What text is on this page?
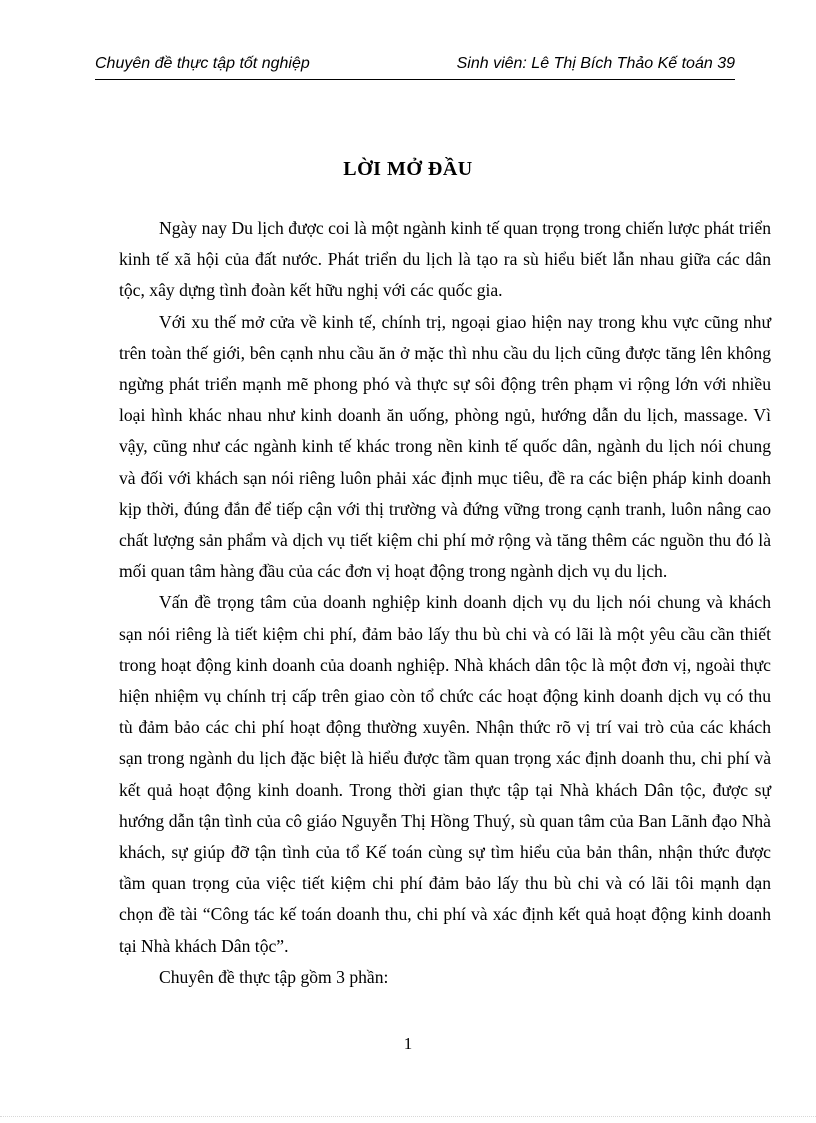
Chuyên đề thực tập tốt nghiệp	Sinh viên: Lê Thị Bích Thảo Kế toán 39
LỜI MỞ ĐẦU

Ngày nay Du lịch được coi là một ngành kinh tế quan trọng trong chiến lược phát triển kinh tế xã hội của đất nước. Phát triển du lịch là tạo ra sù hiểu biết lẫn nhau giữa các dân tộc, xây dựng tình đoàn kết hữu nghị với các quốc gia.

Với xu thế mở cửa về kinh tế, chính trị, ngoại giao hiện nay trong khu vực cũng như trên toàn thế giới, bên cạnh nhu cầu ăn ở mặc thì nhu cầu du lịch cũng được tăng lên không ngừng phát triển mạnh mẽ phong phó và thực sự sôi động trên phạm vi rộng lớn với nhiều loại hình khác nhau như kinh doanh ăn uống, phòng ngủ, hướng dẫn du lịch, massage. Vì vậy, cũng như các ngành kinh tế khác trong nền kinh tế quốc dân, ngành du lịch nói chung và đối với khách sạn nói riêng luôn phải xác định mục tiêu, đề ra các biện pháp kinh doanh kịp thời, đúng đắn để tiếp cận với thị trường và đứng vững trong cạnh tranh, luôn nâng cao chất lượng sản phẩm và dịch vụ tiết kiệm chi phí mở rộng và tăng thêm các nguồn thu đó là mối quan tâm hàng đầu của các đơn vị hoạt động trong ngành dịch vụ du lịch.

Vấn đề trọng tâm của doanh nghiệp kinh doanh dịch vụ du lịch nói chung và khách sạn nói riêng là tiết kiệm chi phí, đảm bảo lấy thu bù chi và có lãi là một yêu cầu cần thiết trong hoạt động kinh doanh của doanh nghiệp. Nhà khách dân tộc là một đơn vị, ngoài thực hiện nhiệm vụ chính trị cấp trên giao còn tổ chức các hoạt động kinh doanh dịch vụ có thu tù đảm bảo các chi phí hoạt động thường xuyên. Nhận thức rõ vị trí vai trò của các khách sạn trong ngành du lịch đặc biệt là hiểu được tầm quan trọng xác định doanh thu, chi phí và kết quả hoạt động kinh doanh. Trong thời gian thực tập tại Nhà khách Dân tộc, được sự hướng dẫn tận tình của cô giáo Nguyễn Thị Hồng Thuý, sù quan tâm của Ban Lãnh đạo Nhà khách, sự giúp đỡ tận tình của tổ Kế toán cùng sự tìm hiểu của bản thân, nhận thức được tầm quan trọng của việc tiết kiệm chi phí đảm bảo lấy thu bù chi và có lãi tôi mạnh dạn chọn đề tài “Công tác kế toán doanh thu, chi phí và xác định kết quả hoạt động kinh doanh tại Nhà khách Dân tộc”.

Chuyên đề thực tập gồm 3 phần:

1
